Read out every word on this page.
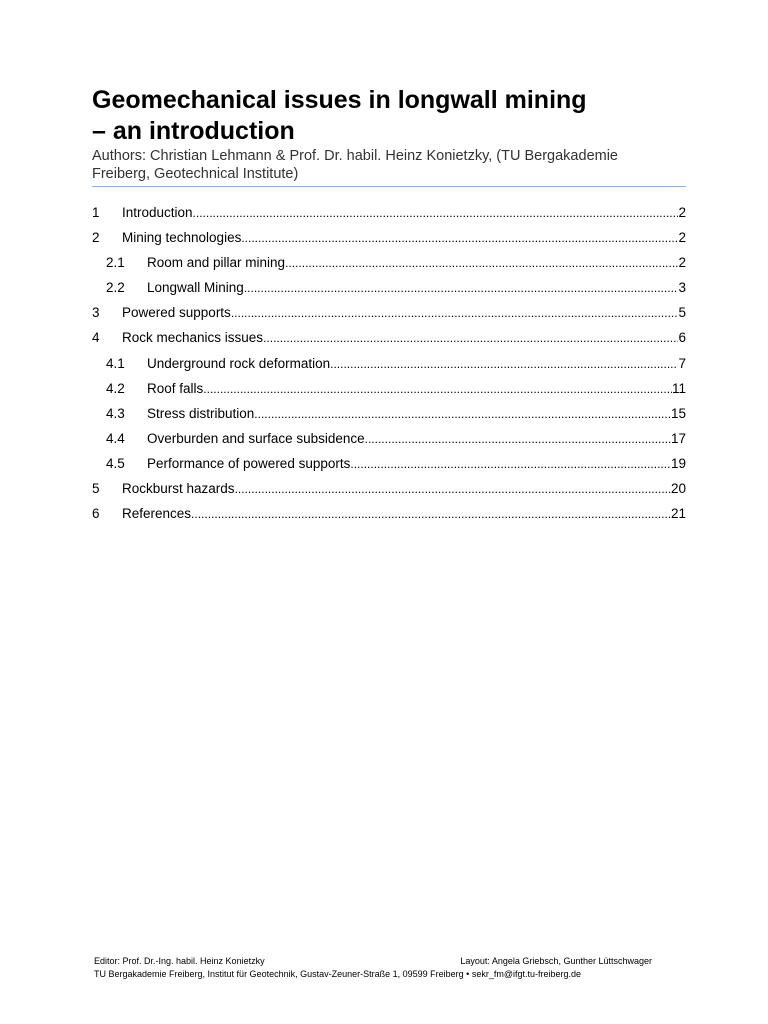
Geomechanical issues in longwall mining
– an introduction
Authors: Christian Lehmann & Prof. Dr. habil. Heinz Konietzky, (TU Bergakademie
Freiberg, Geotechnical Institute)
1	Introduction .....	2
2	Mining technologies .....	2
2.1	Room and pillar mining .....	2
2.2	Longwall Mining .....	3
3	Powered supports .....	5
4	Rock mechanics issues .....	6
4.1	Underground rock deformation .....	7
4.2	Roof falls .....	11
4.3	Stress distribution .....	15
4.4	Overburden and surface subsidence .....	17
4.5	Performance of powered supports .....	19
5	Rockburst hazards .....	20
6	References .....	21
Editor: Prof. Dr.-Ing. habil. Heinz Konietzky	Layout: Angela Griebsch, Gunther Lüttschwager
TU Bergakademie Freiberg, Institut für Geotechnik, Gustav-Zeuner-Straße 1, 09599 Freiberg • sekr_fm@ifgt.tu-freiberg.de
